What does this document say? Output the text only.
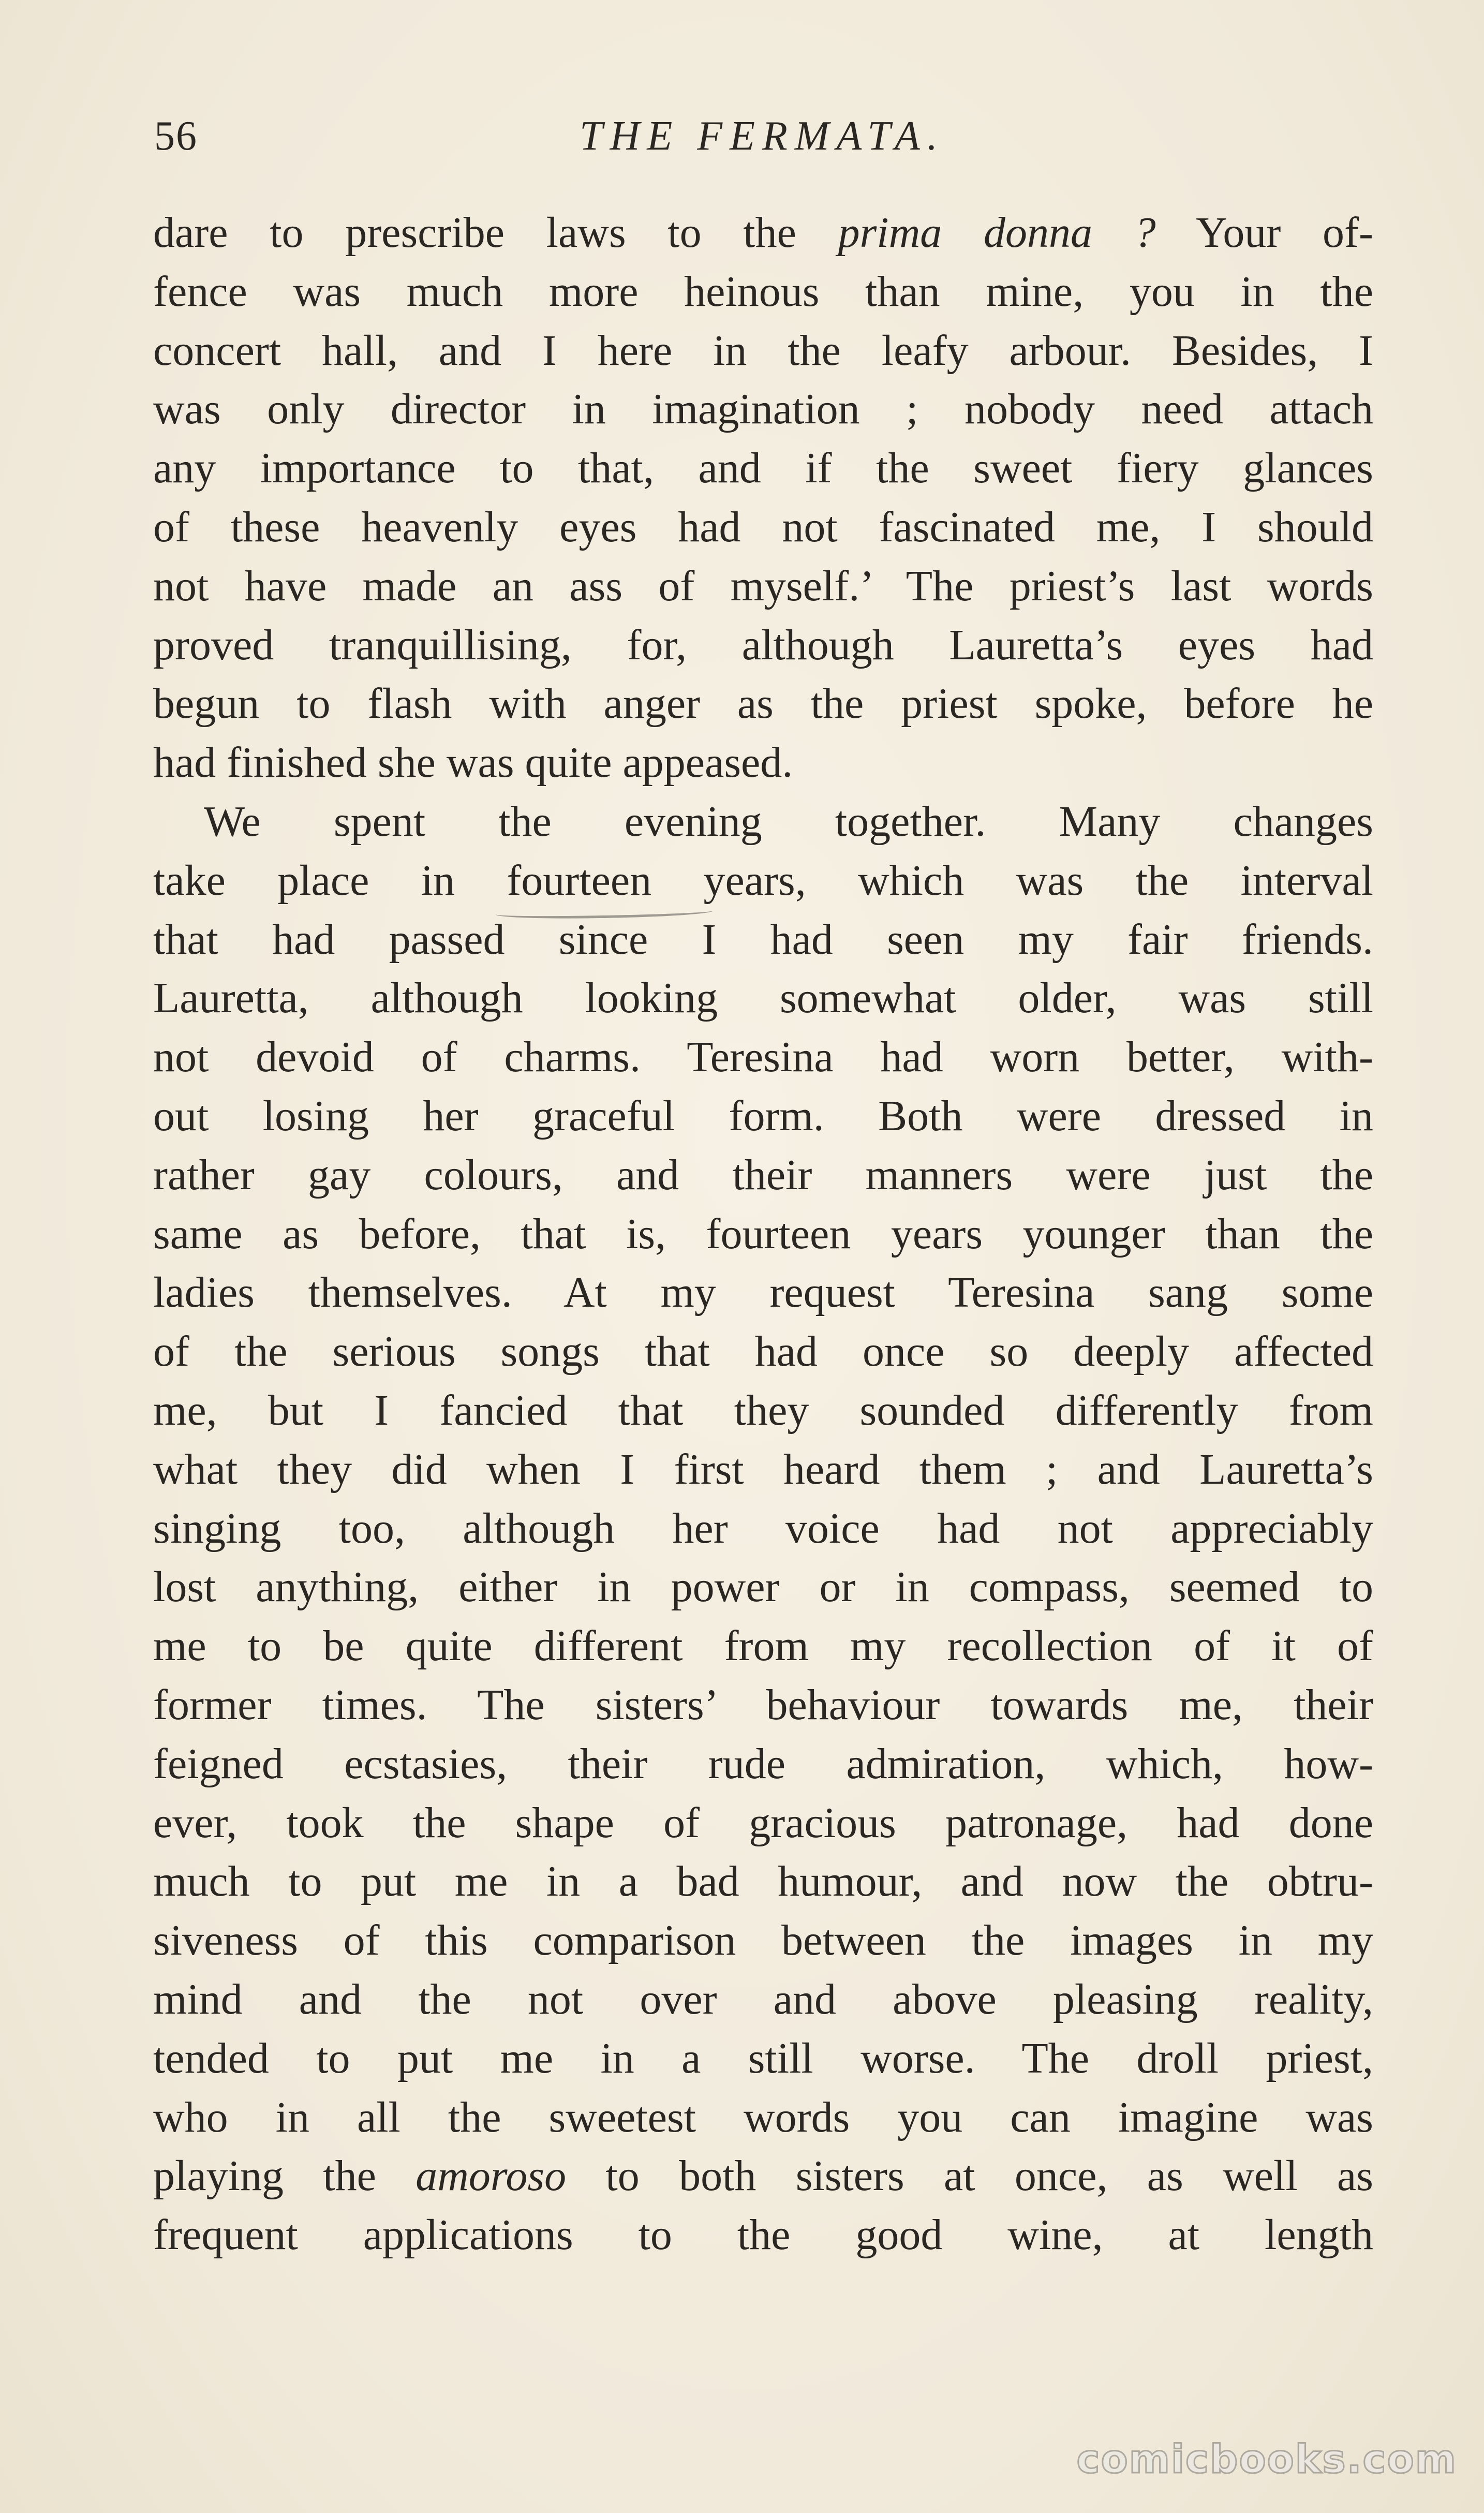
56	THE FERMATA.
dare to prescribe laws to the prima donna ? Your of-
fence was much more heinous than mine, you in the
concert hall, and I here in the leafy arbour. Besides, I
was only director in imagination ; nobody need attach
any importance to that, and if the sweet fiery glances
of these heavenly eyes had not fascinated me, I should
not have made an ass of myself.’ The priest’s last words
proved tranquillising, for, although Lauretta’s eyes had
begun to flash with anger as the priest spoke, before he
had finished she was quite appeased.
We spent the evening together. Many changes
take place in fourteen years, which was the interval
that had passed since I had seen my fair friends.
Lauretta, although looking somewhat older, was still
not devoid of charms. Teresina had worn better, with-
out losing her graceful form. Both were dressed in
rather gay colours, and their manners were just the
same as before, that is, fourteen years younger than the
ladies themselves. At my request Teresina sang some
of the serious songs that had once so deeply affected
me, but I fancied that they sounded differently from
what they did when I first heard them ; and Lauretta’s
singing too, although her voice had not appreciably
lost anything, either in power or in compass, seemed to
me to be quite different from my recollection of it of
former times. The sisters’ behaviour towards me, their
feigned ecstasies, their rude admiration, which, how-
ever, took the shape of gracious patronage, had done
much to put me in a bad humour, and now the obtru-
siveness of this comparison between the images in my
mind and the not over and above pleasing reality,
tended to put me in a still worse. The droll priest,
who in all the sweetest words you can imagine was
playing the amoroso to both sisters at once, as well as
frequent applications to the good wine, at length
comicbooks.com
